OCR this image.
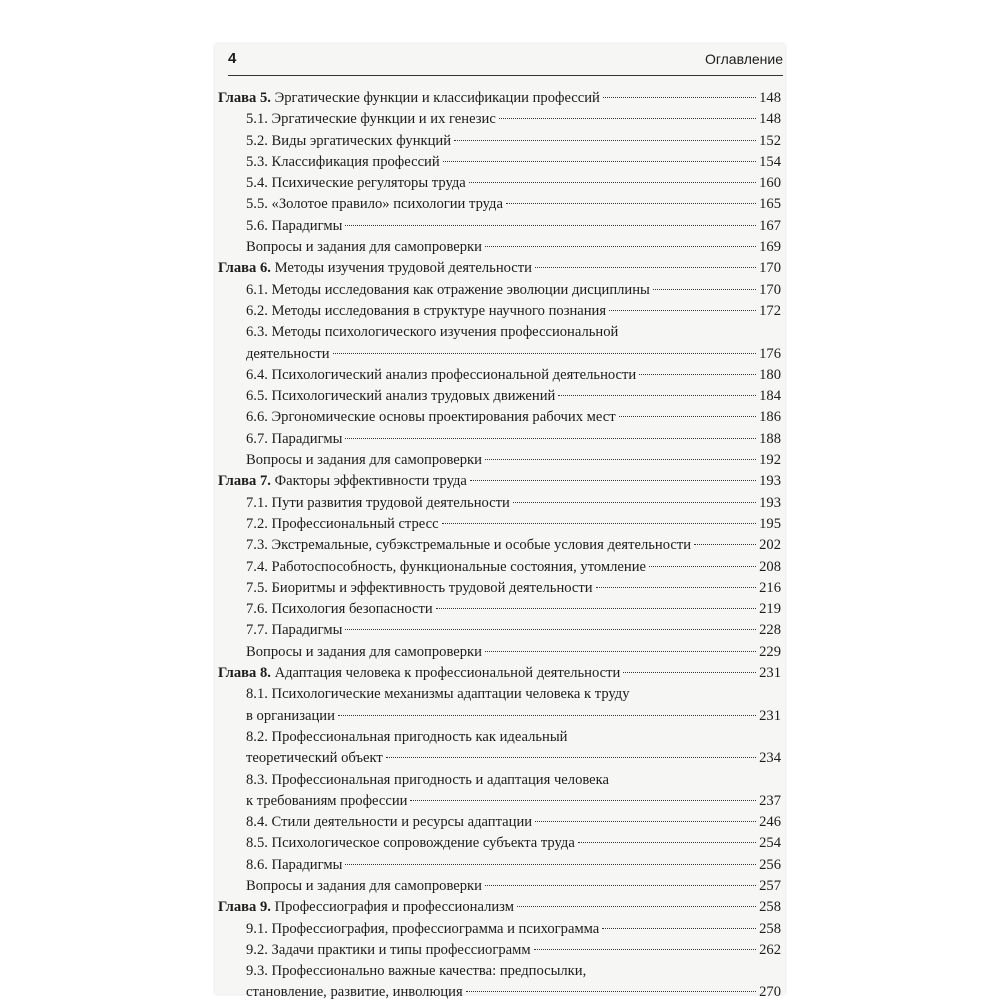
4	Оглавление
Глава 5. Эргатические функции и классификации профессий	148
5.1. Эргатические функции и их генезис	148
5.2. Виды эргатических функций	152
5.3. Классификация профессий	154
5.4. Психические регуляторы труда	160
5.5. «Золотое правило» психологии труда	165
5.6. Парадигмы	167
Вопросы и задания для самопроверки	169
Глава 6. Методы изучения трудовой деятельности	170
6.1. Методы исследования как отражение эволюции дисциплины	170
6.2. Методы исследования в структуре научного познания	172
6.3. Методы психологического изучения профессиональной
деятельности	176
6.4. Психологический анализ профессиональной деятельности	180
6.5. Психологический анализ трудовых движений	184
6.6. Эргономические основы проектирования рабочих мест	186
6.7. Парадигмы	188
Вопросы и задания для самопроверки	192
Глава 7. Факторы эффективности труда	193
7.1. Пути развития трудовой деятельности	193
7.2. Профессиональный стресс	195
7.3. Экстремальные, субэкстремальные и особые условия деятельности	202
7.4. Работоспособность, функциональные состояния, утомление	208
7.5. Биоритмы и эффективность трудовой деятельности	216
7.6. Психология безопасности	219
7.7. Парадигмы	228
Вопросы и задания для самопроверки	229
Глава 8. Адаптация человека к профессиональной деятельности	231
8.1. Психологические механизмы адаптации человека к труду
в организации	231
8.2. Профессиональная пригодность как идеальный
теоретический объект	234
8.3. Профессиональная пригодность и адаптация человека
к требованиям профессии	237
8.4. Стили деятельности и ресурсы адаптации	246
8.5. Психологическое сопровождение субъекта труда	254
8.6. Парадигмы	256
Вопросы и задания для самопроверки	257
Глава 9. Профессиография и профессионализм	258
9.1. Профессиография, профессиограмма и психограмма	258
9.2. Задачи практики и типы профессиограмм	262
9.3. Профессионально важные качества: предпосылки,
становление, развитие, инволюция	270
